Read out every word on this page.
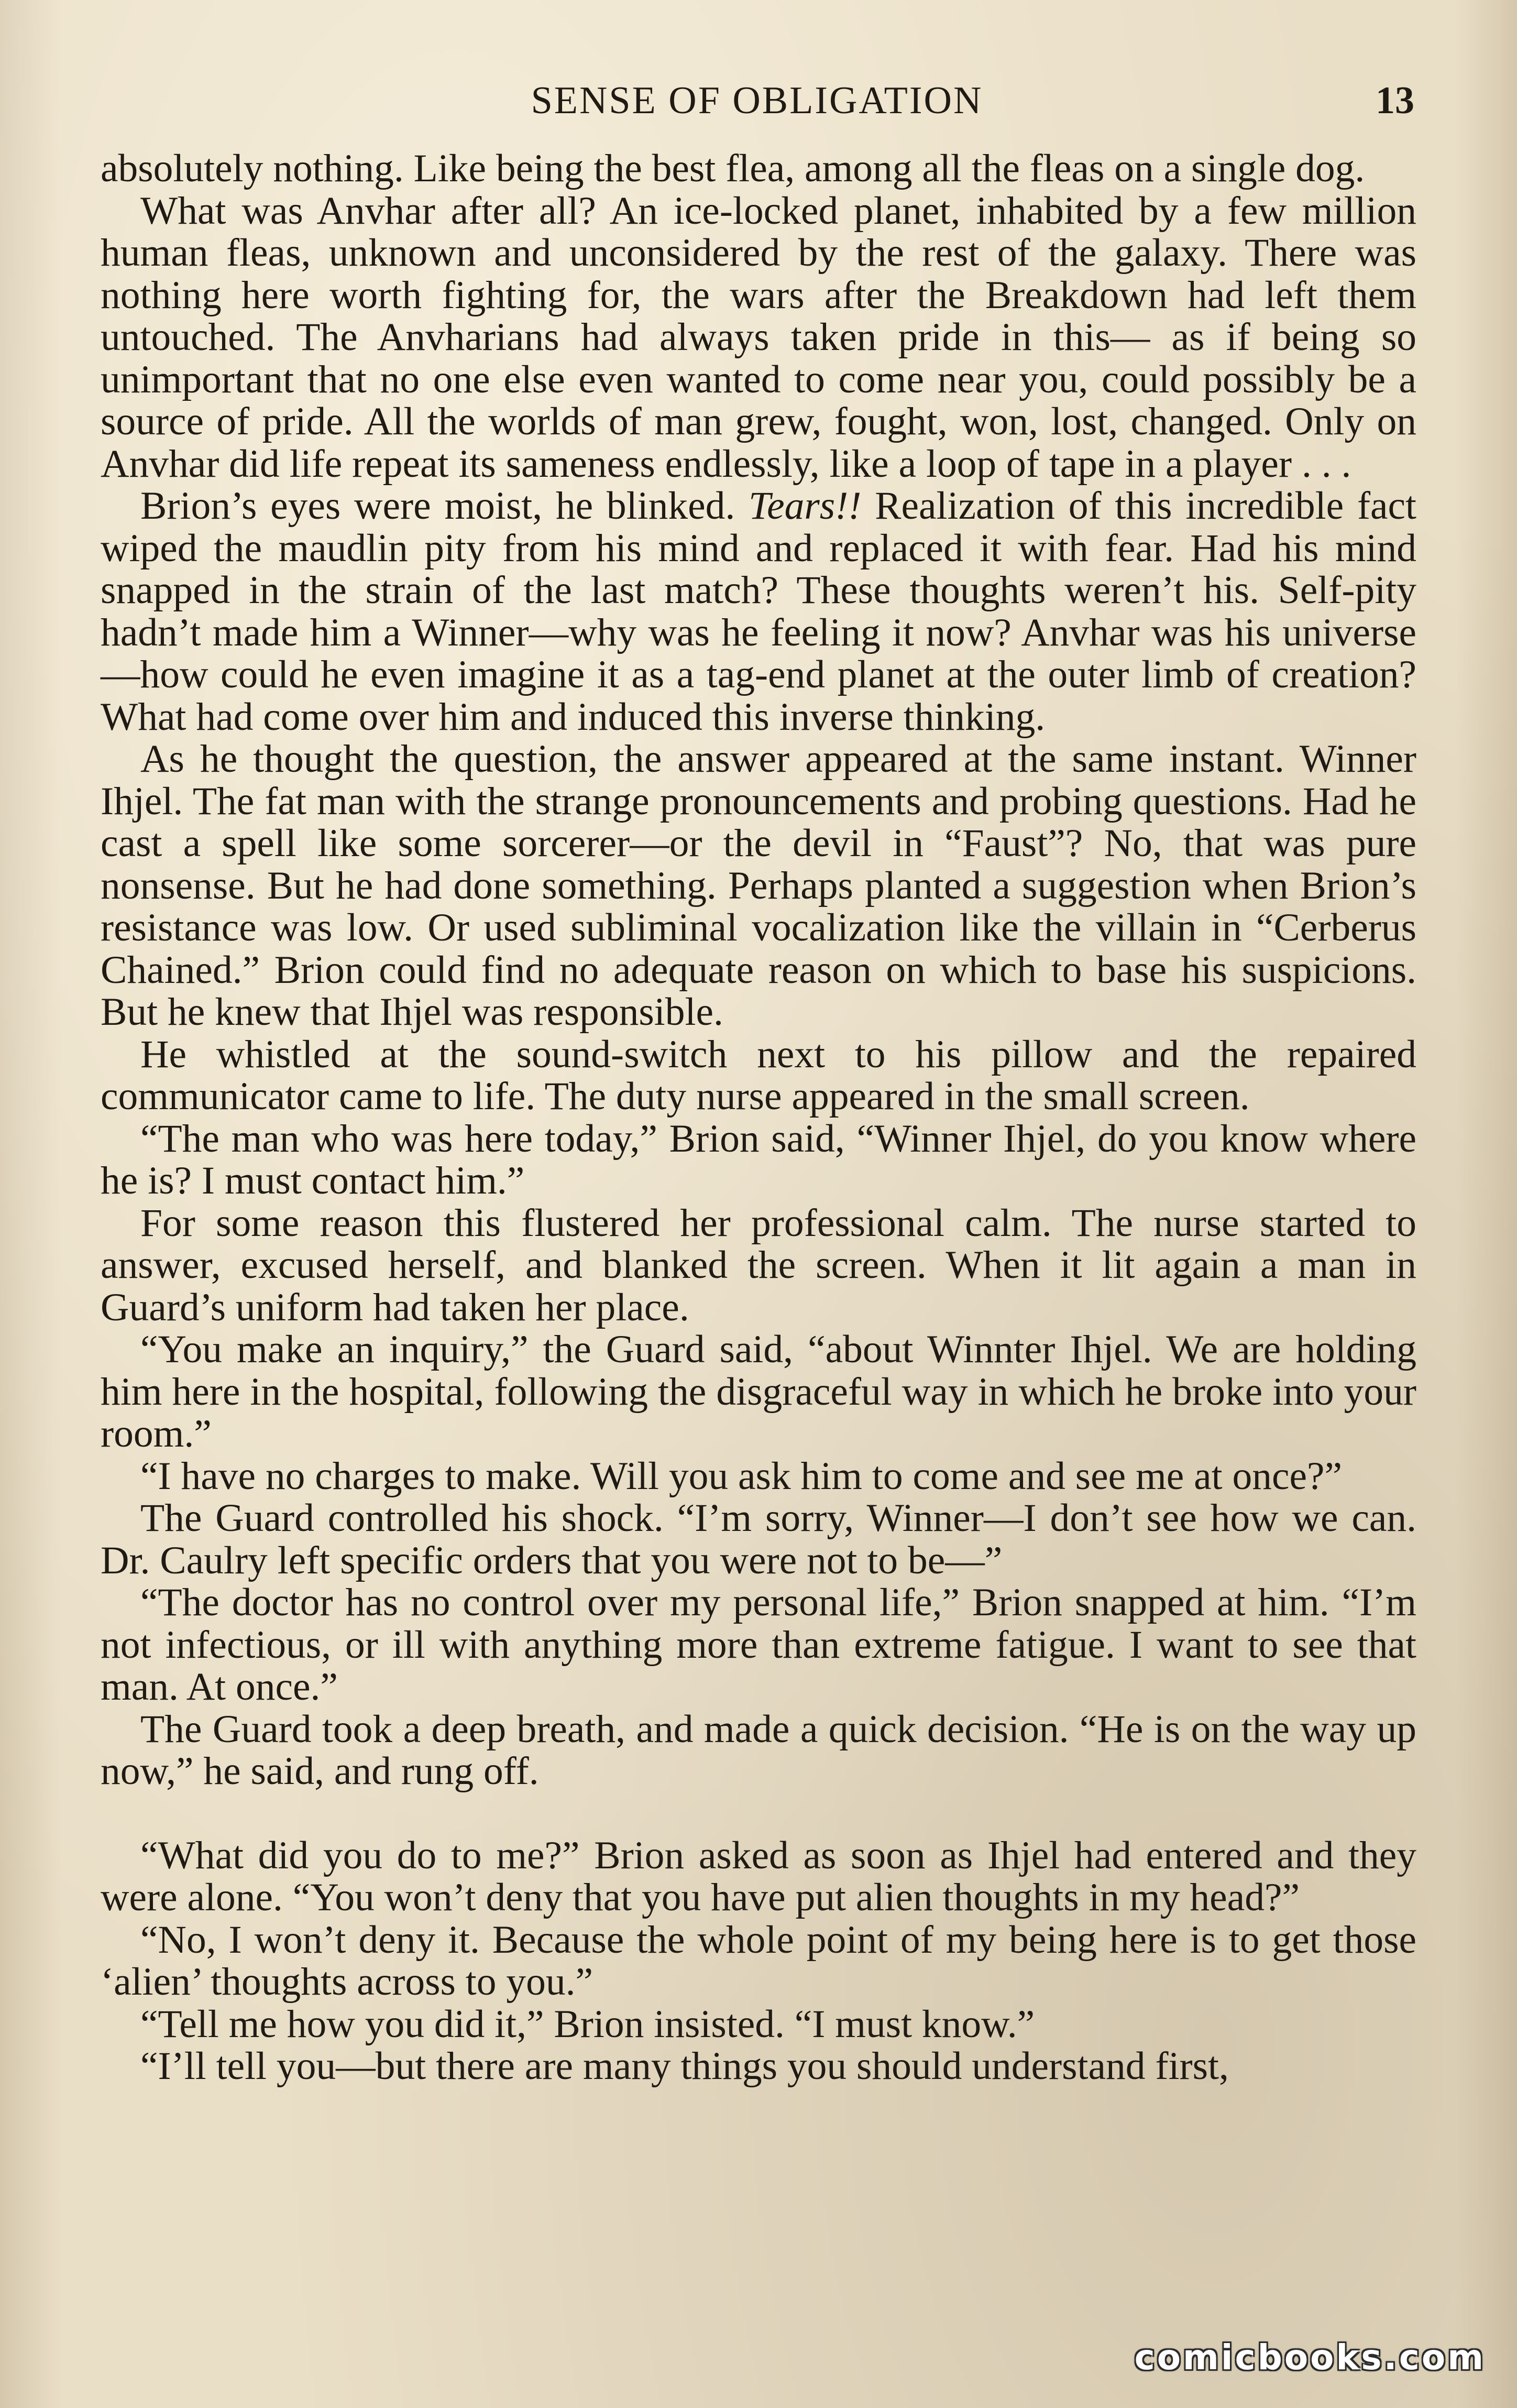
SENSE OF OBLIGATION	13

absolutely nothing. Like being the best flea, among all the fleas on a single dog.

What was Anvhar after all? An ice-locked planet, inhabited by a few million human fleas, unknown and unconsidered by the rest of the galaxy. There was nothing here worth fighting for, the wars after the Breakdown had left them untouched. The Anvharians had always taken pride in this— as if being so unimportant that no one else even wanted to come near you, could possibly be a source of pride. All the worlds of man grew, fought, won, lost, changed. Only on Anvhar did life repeat its sameness endlessly, like a loop of tape in a player . . .

Brion’s eyes were moist, he blinked. Tears!! Realization of this incredible fact wiped the maudlin pity from his mind and replaced it with fear. Had his mind snapped in the strain of the last match? These thoughts weren’t his. Self-pity hadn’t made him a Winner—why was he feeling it now? Anvhar was his universe—how could he even imagine it as a tag-end planet at the outer limb of creation? What had come over him and induced this inverse thinking.

As he thought the question, the answer appeared at the same instant. Winner Ihjel. The fat man with the strange pronouncements and probing questions. Had he cast a spell like some sorcerer—or the devil in “Faust”? No, that was pure nonsense. But he had done something. Perhaps planted a suggestion when Brion’s resistance was low. Or used subliminal vocalization like the villain in “Cerberus Chained.” Brion could find no adequate reason on which to base his suspicions. But he knew that Ihjel was responsible.

He whistled at the sound-switch next to his pillow and the repaired communicator came to life. The duty nurse appeared in the small screen.

“The man who was here today,” Brion said, “Winner Ihjel, do you know where he is? I must contact him.”

For some reason this flustered her professional calm. The nurse started to answer, excused herself, and blanked the screen. When it lit again a man in Guard’s uniform had taken her place.

“You make an inquiry,” the Guard said, “about Winnter Ihjel. We are holding him here in the hospital, following the disgraceful way in which he broke into your room.”

“I have no charges to make. Will you ask him to come and see me at once?”

The Guard controlled his shock. “I’m sorry, Winner—I don’t see how we can. Dr. Caulry left specific orders that you were not to be—”

“The doctor has no control over my personal life,” Brion snapped at him. “I’m not infectious, or ill with anything more than extreme fatigue. I want to see that man. At once.”

The Guard took a deep breath, and made a quick decision. “He is on the way up now,” he said, and rung off.

“What did you do to me?” Brion asked as soon as Ihjel had entered and they were alone. “You won’t deny that you have put alien thoughts in my head?”

“No, I won’t deny it. Because the whole point of my being here is to get those ‘alien’ thoughts across to you.”

“Tell me how you did it,” Brion insisted. “I must know.”

“I’ll tell you—but there are many things you should understand first,

comicbooks.com
